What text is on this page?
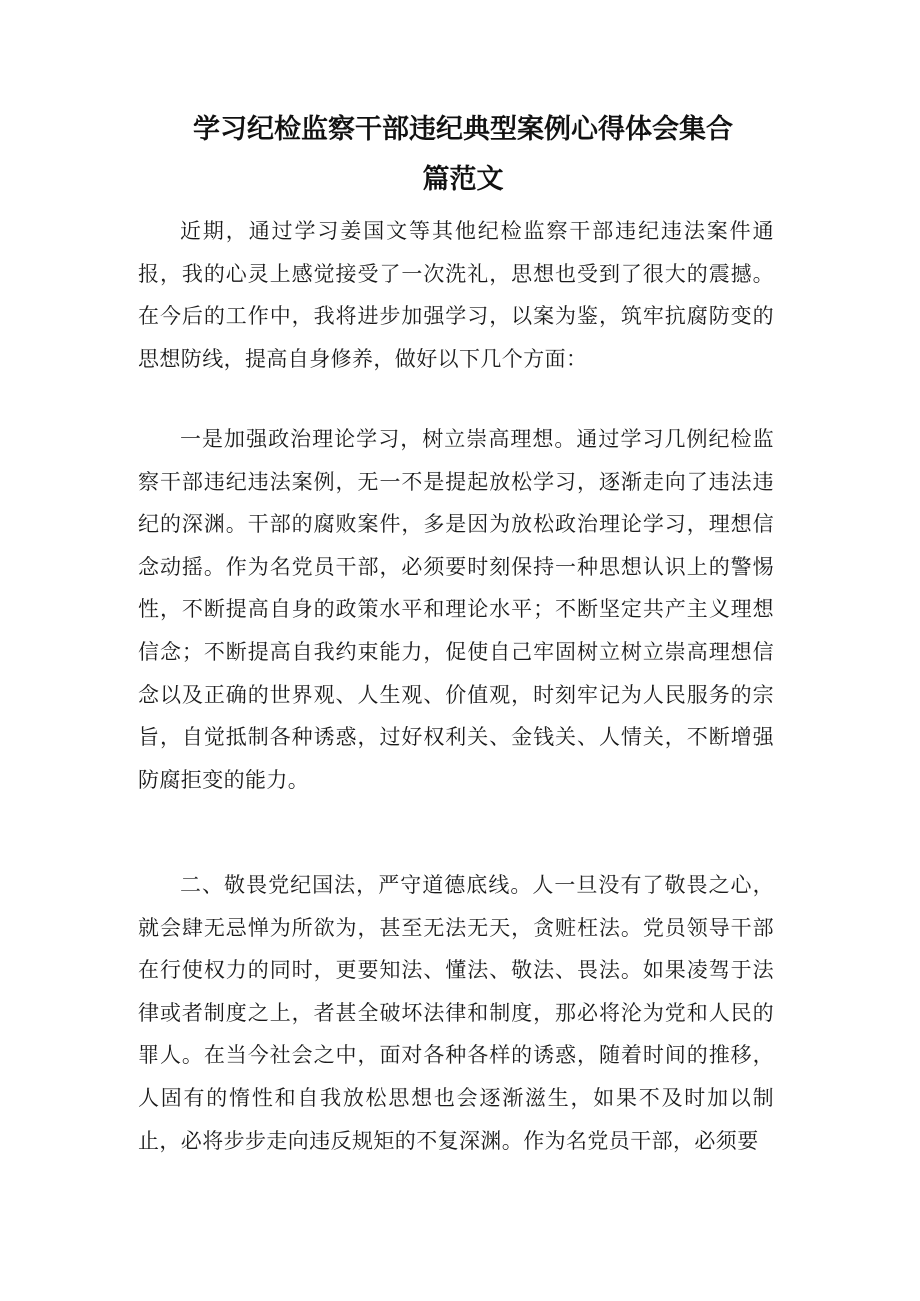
学习纪检监察干部违纪典型案例心得体会集合
篇范文
近期，通过学习姜国文等其他纪检监察干部违纪违法案件通报，我的心灵上感觉接受了一次洗礼，思想也受到了很大的震撼。在今后的工作中，我将进步加强学习，以案为鉴，筑牢抗腐防变的思想防线，提高自身修养，做好以下几个方面：
一是加强政治理论学习，树立崇高理想。通过学习几例纪检监察干部违纪违法案例，无一不是提起放松学习，逐渐走向了违法违纪的深渊。干部的腐败案件，多是因为放松政治理论学习，理想信念动摇。作为名党员干部，必须要时刻保持一种思想认识上的警惕性，不断提高自身的政策水平和理论水平；不断坚定共产主义理想信念；不断提高自我约束能力，促使自己牢固树立树立崇高理想信念以及正确的世界观、人生观、价值观，时刻牢记为人民服务的宗旨，自觉抵制各种诱惑，过好权利关、金钱关、人情关，不断增强防腐拒变的能力。
二、敬畏党纪国法，严守道德底线。人一旦没有了敬畏之心，就会肆无忌惮为所欲为，甚至无法无天，贪赃枉法。党员领导干部在行使权力的同时，更要知法、懂法、敬法、畏法。如果凌驾于法律或者制度之上，者甚全破坏法律和制度，那必将沦为党和人民的罪人。在当今社会之中，面对各种各样的诱惑，随着时间的推移，人固有的惰性和自我放松思想也会逐渐滋生，如果不及时加以制止，必将步步走向违反规矩的不复深渊。作为名党员干部，必须要
